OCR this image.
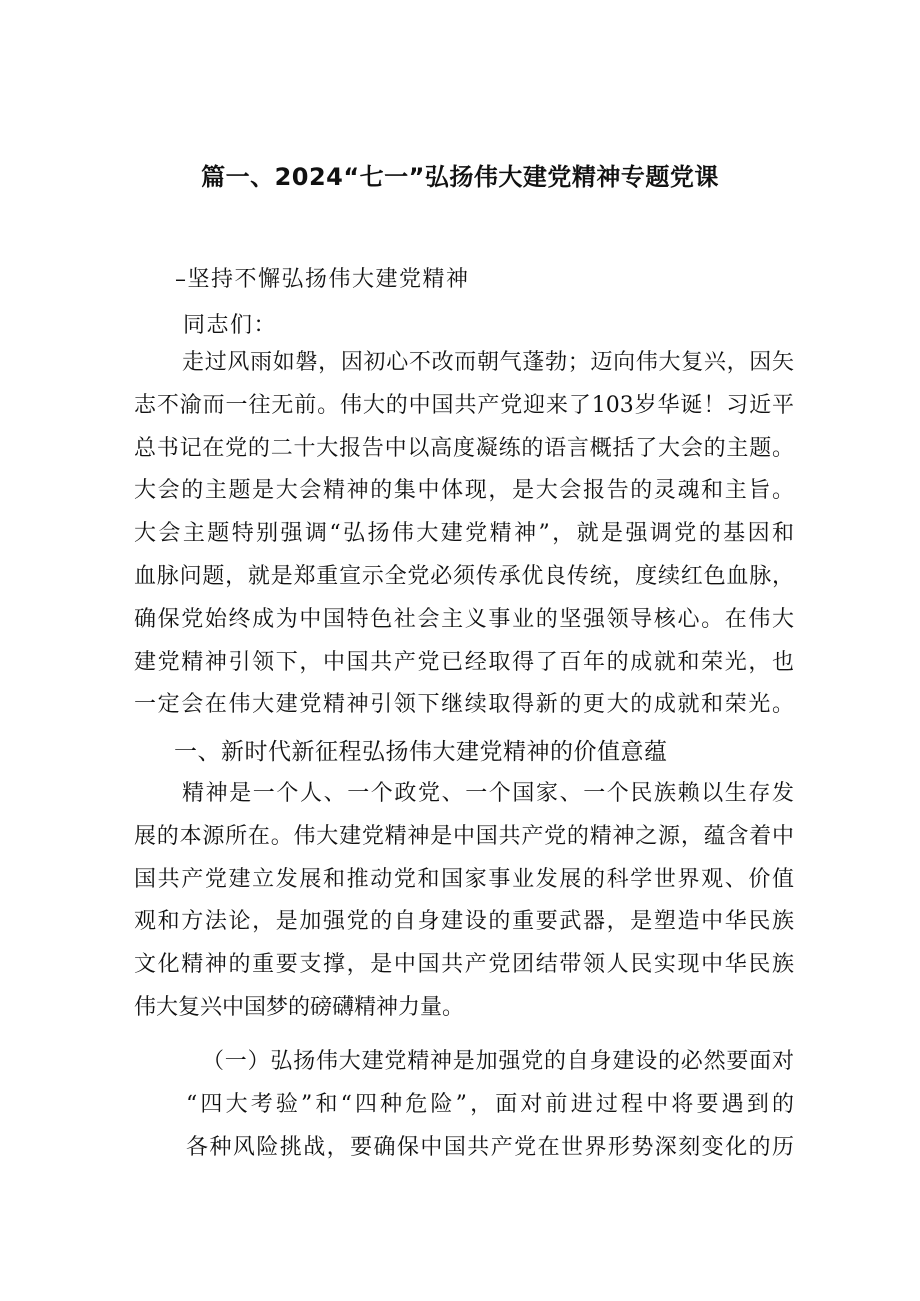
篇一、2024“七一”弘扬伟大建党精神专题党课
–坚持不懈弘扬伟大建党精神
同志们：
走过风雨如磐，因初心不改而朝气蓬勃；迈向伟大复兴，因矢
志不渝而一往无前。伟大的中国共产党迎来了103岁华诞！习近平
总书记在党的二十大报告中以高度凝练的语言概括了大会的主题。
大会的主题是大会精神的集中体现，是大会报告的灵魂和主旨。
大会主题特别强调“弘扬伟大建党精神”，就是强调党的基因和
血脉问题，就是郑重宣示全党必须传承优良传统，度续红色血脉，
确保党始终成为中国特色社会主义事业的坚强领导核心。在伟大
建党精神引领下，中国共产党已经取得了百年的成就和荣光，也
一定会在伟大建党精神引领下继续取得新的更大的成就和荣光。
一、新时代新征程弘扬伟大建党精神的价值意蕴
精神是一个人、一个政党、一个国家、一个民族赖以生存发
展的本源所在。伟大建党精神是中国共产党的精神之源，蕴含着中
国共产党建立发展和推动党和国家事业发展的科学世界观、价值
观和方法论，是加强党的自身建设的重要武器，是塑造中华民族
文化精神的重要支撑，是中国共产党团结带领人民实现中华民族
伟大复兴中国梦的磅礴精神力量。
（一）弘扬伟大建党精神是加强党的自身建设的必然要面对
“四大考验”和“四种危险”，面对前进过程中将要遇到的
各种风险挑战，要确保中国共产党在世界形势深刻变化的历
